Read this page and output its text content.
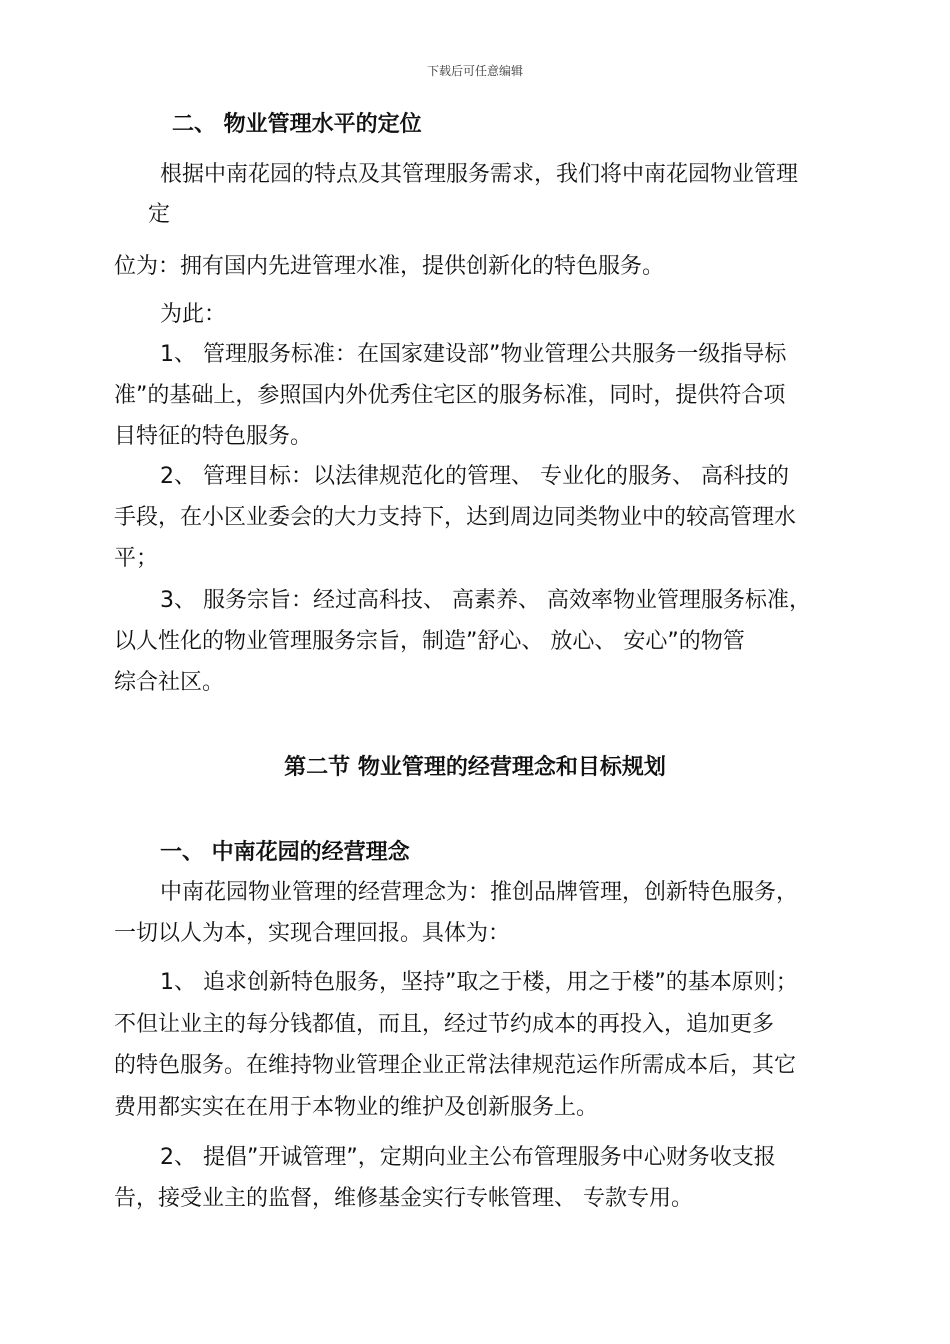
下载后可任意编辑
二、 物业管理水平的定位
根据中南花园的特点及其管理服务需求，我们将中南花园物业管理
定
位为：拥有国内先进管理水准，提供创新化的特色服务。
为此：
1、 管理服务标准：在国家建设部”物业管理公共服务一级指导标
准”的基础上，参照国内外优秀住宅区的服务标准，同时，提供符合项
目特征的特色服务。
2、 管理目标：以法律规范化的管理、 专业化的服务、 高科技的
手段，在小区业委会的大力支持下，达到周边同类物业中的较高管理水
平；
3、 服务宗旨：经过高科技、 高素养、 高效率物业管理服务标准，
以人性化的物业管理服务宗旨，制造”舒心、 放心、 安心”的物管
综合社区。
第二节 物业管理的经营理念和目标规划
一、 中南花园的经营理念
中南花园物业管理的经营理念为：推创品牌管理，创新特色服务，
一切以人为本，实现合理回报。具体为：
1、 追求创新特色服务，坚持”取之于楼，用之于楼”的基本原则；
不但让业主的每分钱都值，而且，经过节约成本的再投入，追加更多
的特色服务。在维持物业管理企业正常法律规范运作所需成本后，其它
费用都实实在在用于本物业的维护及创新服务上。
2、 提倡”开诚管理”，定期向业主公布管理服务中心财务收支报
告，接受业主的监督，维修基金实行专帐管理、 专款专用。
